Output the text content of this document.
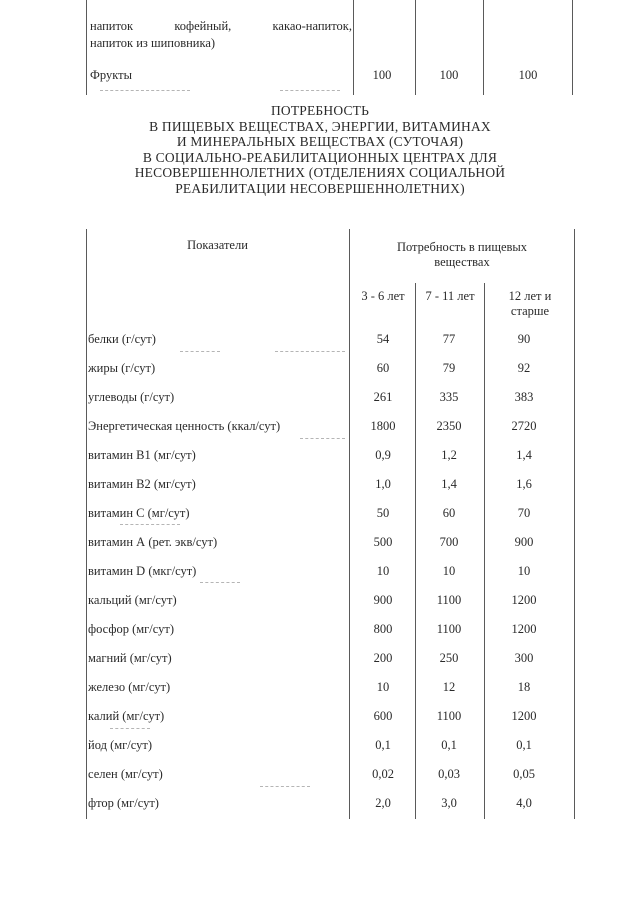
напиток кофейный, какао-напиток,
напиток из шиповника)
Фрукты	100	100	100
ПОТРЕБНОСТЬ
В ПИЩЕВЫХ ВЕЩЕСТВАХ, ЭНЕРГИИ, ВИТАМИНАХ
И МИНЕРАЛЬНЫХ ВЕЩЕСТВАХ (СУТОЧАЯ)
В СОЦИАЛЬНО-РЕАБИЛИТАЦИОННЫХ ЦЕНТРАХ ДЛЯ
НЕСОВЕРШЕННОЛЕТНИХ (ОТДЕЛЕНИЯХ СОЦИАЛЬНОЙ
РЕАБИЛИТАЦИИ НЕСОВЕРШЕННОЛЕТНИХ)
Показатели	Потребность в пищевых
веществах
3 - 6 лет	7 - 11 лет	12 лет и старше
белки (г/сут)	54	77	90
жиры (г/сут)	60	79	92
углеводы (г/сут)	261	335	383
Энергетическая ценность (ккал/сут)	1800	2350	2720
витамин В1 (мг/сут)	0,9	1,2	1,4
витамин В2 (мг/сут)	1,0	1,4	1,6
витамин С (мг/сут)	50	60	70
витамин А (рет. экв/сут)	500	700	900
витамин D (мкг/сут)	10	10	10
кальций (мг/сут)	900	1100	1200
фосфор (мг/сут)	800	1100	1200
магний (мг/сут)	200	250	300
железо (мг/сут)	10	12	18
калий (мг/сут)	600	1100	1200
йод (мг/сут)	0,1	0,1	0,1
селен (мг/сут)	0,02	0,03	0,05
фтор (мг/сут)	2,0	3,0	4,0
